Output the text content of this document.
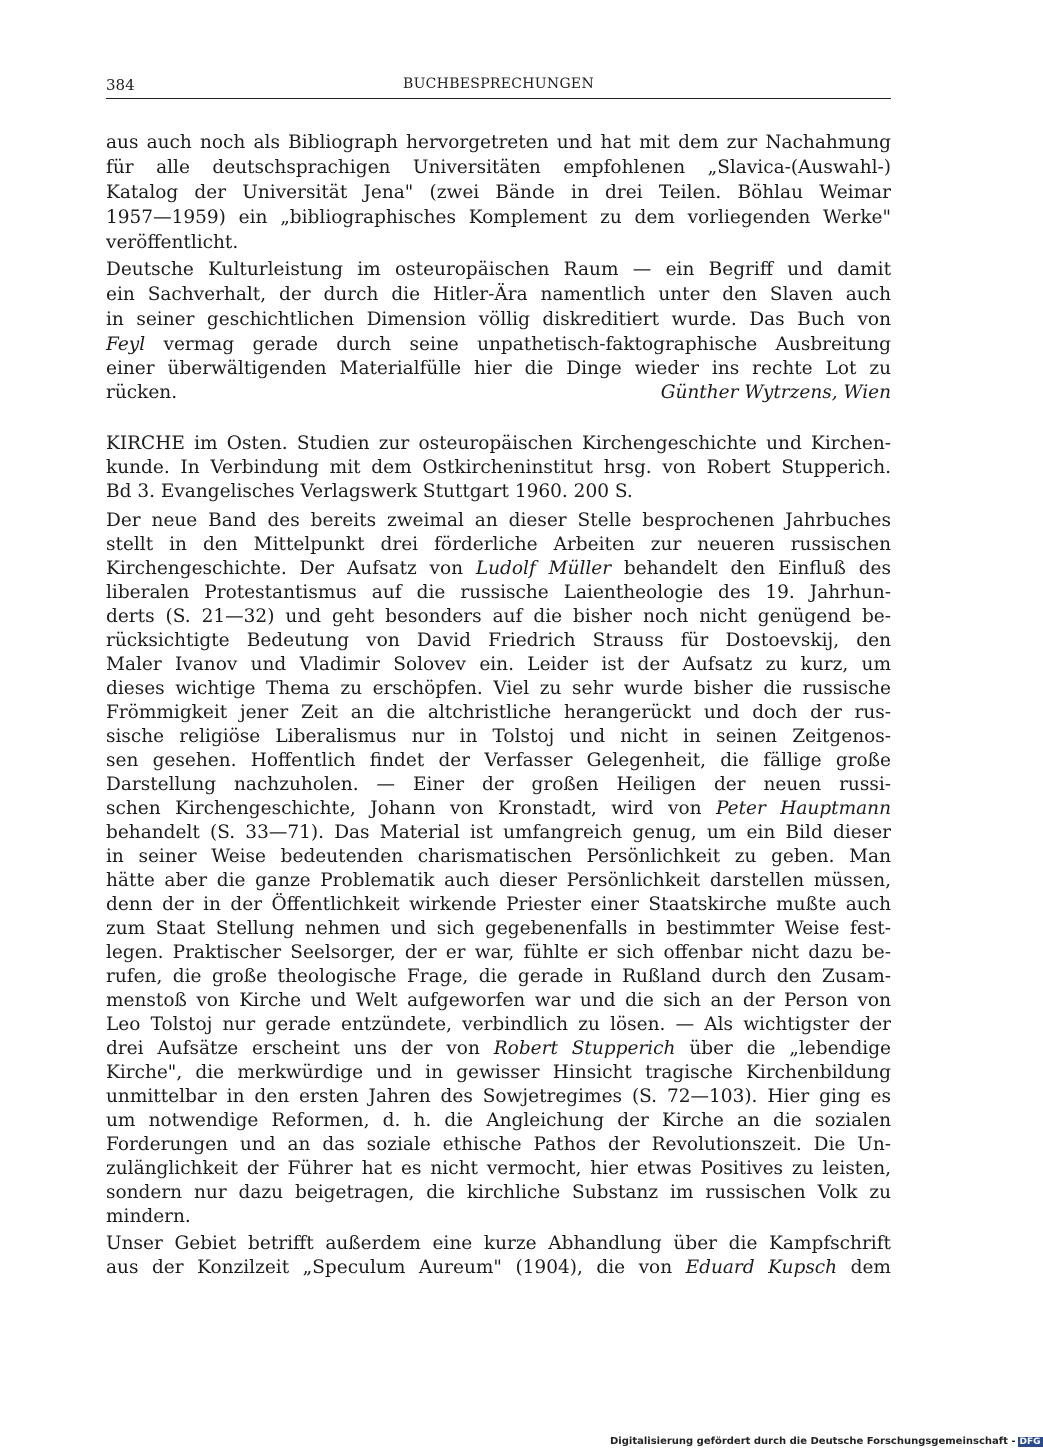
384	BUCHBESPRECHUNGEN
aus auch noch als Bibliograph hervorgetreten und hat mit dem zur Nachahmung
für alle deutschsprachigen Universitäten empfohlenen „Slavica-(Auswahl-)
Katalog der Universität Jena" (zwei Bände in drei Teilen. Böhlau Weimar
1957—1959) ein „bibliographisches Komplement zu dem vorliegenden Werke"
veröffentlicht.
Deutsche Kulturleistung im osteuropäischen Raum — ein Begriff und damit
ein Sachverhalt, der durch die Hitler-Ära namentlich unter den Slaven auch
in seiner geschichtlichen Dimension völlig diskreditiert wurde. Das Buch von
Feyl vermag gerade durch seine unpathetisch-faktographische Ausbreitung
einer überwältigenden Materialfülle hier die Dinge wieder ins rechte Lot zu
rücken.	Günther Wytrzens, Wien
KIRCHE im Osten. Studien zur osteuropäischen Kirchengeschichte und Kirchen-
kunde. In Verbindung mit dem Ostkircheninstitut hrsg. von Robert Stupperich.
Bd 3. Evangelisches Verlagswerk Stuttgart 1960. 200 S.
Der neue Band des bereits zweimal an dieser Stelle besprochenen Jahrbuches
stellt in den Mittelpunkt drei förderliche Arbeiten zur neueren russischen
Kirchengeschichte. Der Aufsatz von Ludolf Müller behandelt den Einfluß des
liberalen Protestantismus auf die russische Laientheologie des 19. Jahrhun-
derts (S. 21—32) und geht besonders auf die bisher noch nicht genügend be-
rücksichtigte Bedeutung von David Friedrich Strauss für Dostoevskij, den
Maler Ivanov und Vladimir Solovev ein. Leider ist der Aufsatz zu kurz, um
dieses wichtige Thema zu erschöpfen. Viel zu sehr wurde bisher die russische
Frömmigkeit jener Zeit an die altchristliche herangerückt und doch der rus-
sische religiöse Liberalismus nur in Tolstoj und nicht in seinen Zeitgenos-
sen gesehen. Hoffentlich findet der Verfasser Gelegenheit, die fällige große
Darstellung nachzuholen. — Einer der großen Heiligen der neuen russi-
schen Kirchengeschichte, Johann von Kronstadt, wird von Peter Hauptmann
behandelt (S. 33—71). Das Material ist umfangreich genug, um ein Bild dieser
in seiner Weise bedeutenden charismatischen Persönlichkeit zu geben. Man
hätte aber die ganze Problematik auch dieser Persönlichkeit darstellen müssen,
denn der in der Öffentlichkeit wirkende Priester einer Staatskirche mußte auch
zum Staat Stellung nehmen und sich gegebenenfalls in bestimmter Weise fest-
legen. Praktischer Seelsorger, der er war, fühlte er sich offenbar nicht dazu be-
rufen, die große theologische Frage, die gerade in Rußland durch den Zusam-
menstoß von Kirche und Welt aufgeworfen war und die sich an der Person von
Leo Tolstoj nur gerade entzündete, verbindlich zu lösen. — Als wichtigster der
drei Aufsätze erscheint uns der von Robert Stupperich über die „lebendige
Kirche", die merkwürdige und in gewisser Hinsicht tragische Kirchenbildung
unmittelbar in den ersten Jahren des Sowjetregimes (S. 72—103). Hier ging es
um notwendige Reformen, d. h. die Angleichung der Kirche an die sozialen
Forderungen und an das soziale ethische Pathos der Revolutionszeit. Die Un-
zulänglichkeit der Führer hat es nicht vermocht, hier etwas Positives zu leisten,
sondern nur dazu beigetragen, die kirchliche Substanz im russischen Volk zu
mindern.
Unser Gebiet betrifft außerdem eine kurze Abhandlung über die Kampfschrift
aus der Konzilzeit „Speculum Aureum" (1904), die von Eduard Kupsch dem
Digitalisierung gefördert durch die Deutsche Forschungsgemeinschaft - DFG
